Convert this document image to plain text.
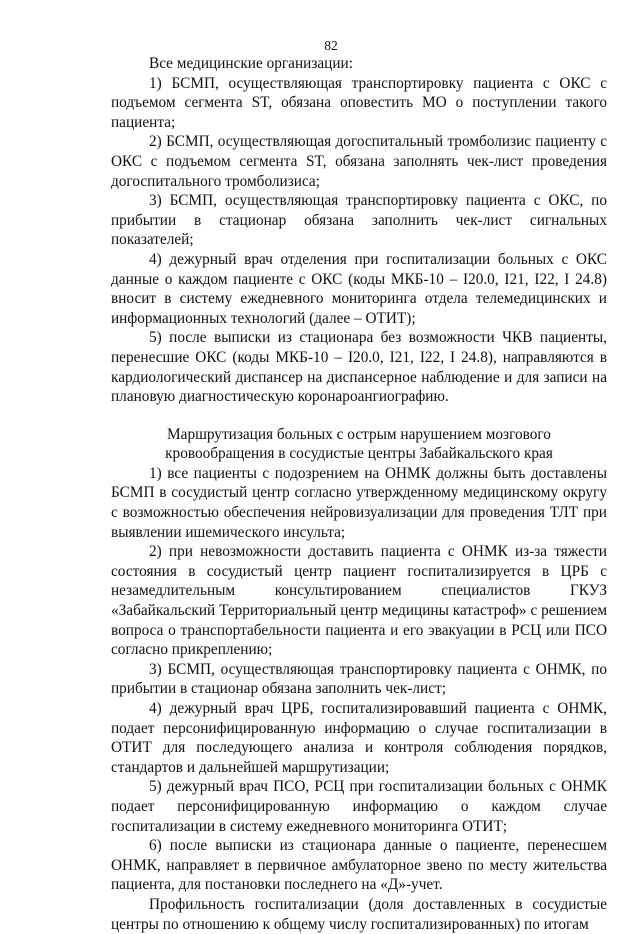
82

Все медицинские организации:

1) БСМП, осуществляющая транспортировку пациента с ОКС с подъемом сегмента ST, обязана оповестить МО о поступлении такого пациента;

2) БСМП, осуществляющая догоспитальный тромболизис пациенту с ОКС с подъемом сегмента ST, обязана заполнять чек-лист проведения догоспитального тромболизиса;

3) БСМП, осуществляющая транспортировку пациента с ОКС, по прибытии в стационар обязана заполнить чек-лист сигнальных показателей;

4) дежурный врач отделения при госпитализации больных с ОКС данные о каждом пациенте с ОКС (коды МКБ-10 – I20.0, I21, I22, I 24.8) вносит в систему ежедневного мониторинга отдела телемедицинских и информационных технологий (далее – ОТИТ);

5) после выписки из стационара без возможности ЧКВ пациенты, перенесшие ОКС (коды МКБ-10 – I20.0, I21, I22, I 24.8), направляются в кардиологический диспансер на диспансерное наблюдение и для записи на плановую диагностическую коронароангиографию.

Маршрутизация больных с острым нарушением мозгового
кровообращения в сосудистые центры Забайкальского края

1) все пациенты с подозрением на ОНМК должны быть доставлены БСМП в сосудистый центр согласно утвержденному медицинскому округу с возможностью обеспечения нейровизуализации для проведения ТЛТ при выявлении ишемического инсульта;

2) при невозможности доставить пациента с ОНМК из-за тяжести состояния в сосудистый центр пациент госпитализируется в ЦРБ с незамедлительным консультированием специалистов ГКУЗ «Забайкальский Территориальный центр медицины катастроф» с решением вопроса о транспортабельности пациента и его эвакуации в РСЦ или ПСО согласно прикреплению;

3) БСМП, осуществляющая транспортировку пациента с ОНМК, по прибытии в стационар обязана заполнить чек-лист;

4) дежурный врач ЦРБ, госпитализировавший пациента с ОНМК, подает персонифицированную информацию о случае госпитализации в ОТИТ для последующего анализа и контроля соблюдения порядков, стандартов и дальнейшей маршрутизации;

5) дежурный врач ПСО, РСЦ при госпитализации больных с ОНМК подает персонифицированную информацию о каждом случае госпитализации в систему ежедневного мониторинга ОТИТ;

6) после выписки из стационара данные о пациенте, перенесшем ОНМК, направляет в первичное амбулаторное звено по месту жительства пациента, для постановки последнего на «Д»-учет.

Профильность госпитализации (доля доставленных в сосудистые центры по отношению к общему числу госпитализированных) по итогам
